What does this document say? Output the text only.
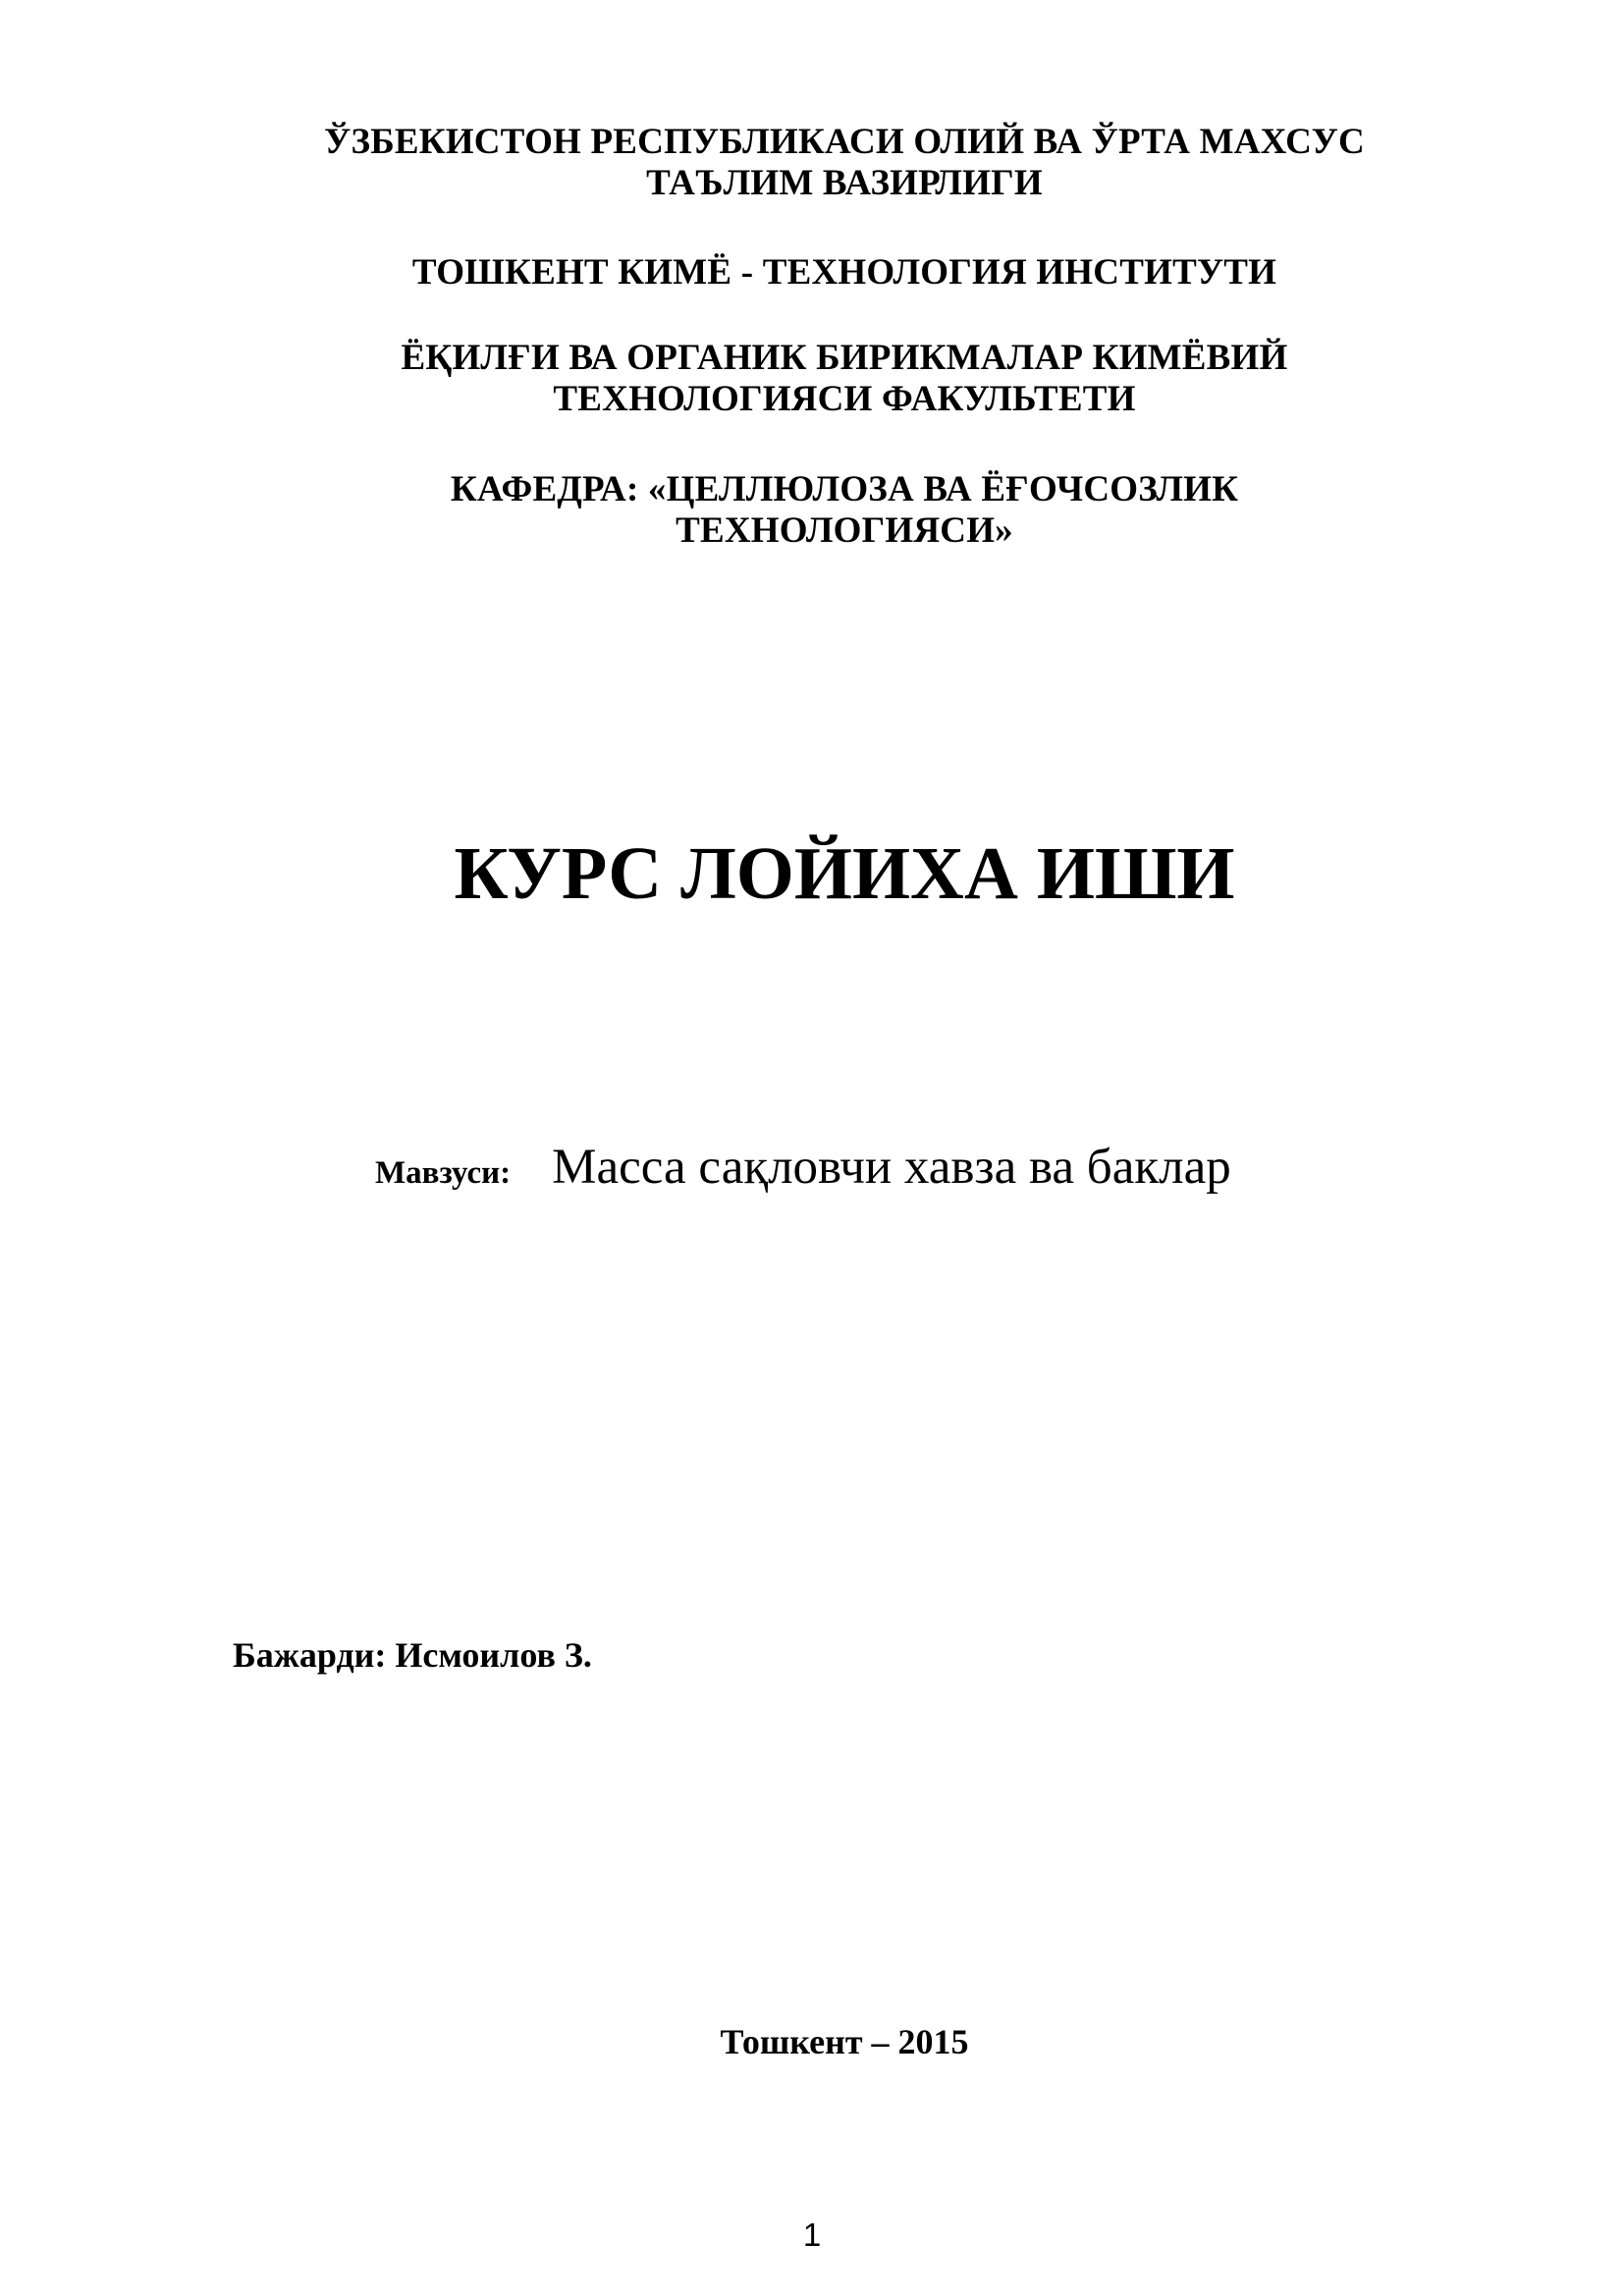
ЎЗБЕКИСТОН РЕСПУБЛИКАСИ ОЛИЙ ВА ЎРТА МАХСУС
ТАЪЛИМ ВАЗИРЛИГИ
ТОШКЕНТ КИМЁ - ТЕХНОЛОГИЯ ИНСТИТУТИ
ЁҚИЛҒИ ВА ОРГАНИК БИРИКМАЛАР КИМЁВИЙ
ТЕХНОЛОГИЯСИ ФАКУЛЬТЕТИ
КАФЕДРА: «ЦЕЛЛЮЛОЗА ВА ЁҒОЧСОЗЛИК
ТЕХНОЛОГИЯСИ»
КУРС ЛОЙИХА ИШИ
Мавзуси: Масса сақловчи хавза ва баклар
Бажарди: Исмоилов З.
Тошкент – 2015
1
